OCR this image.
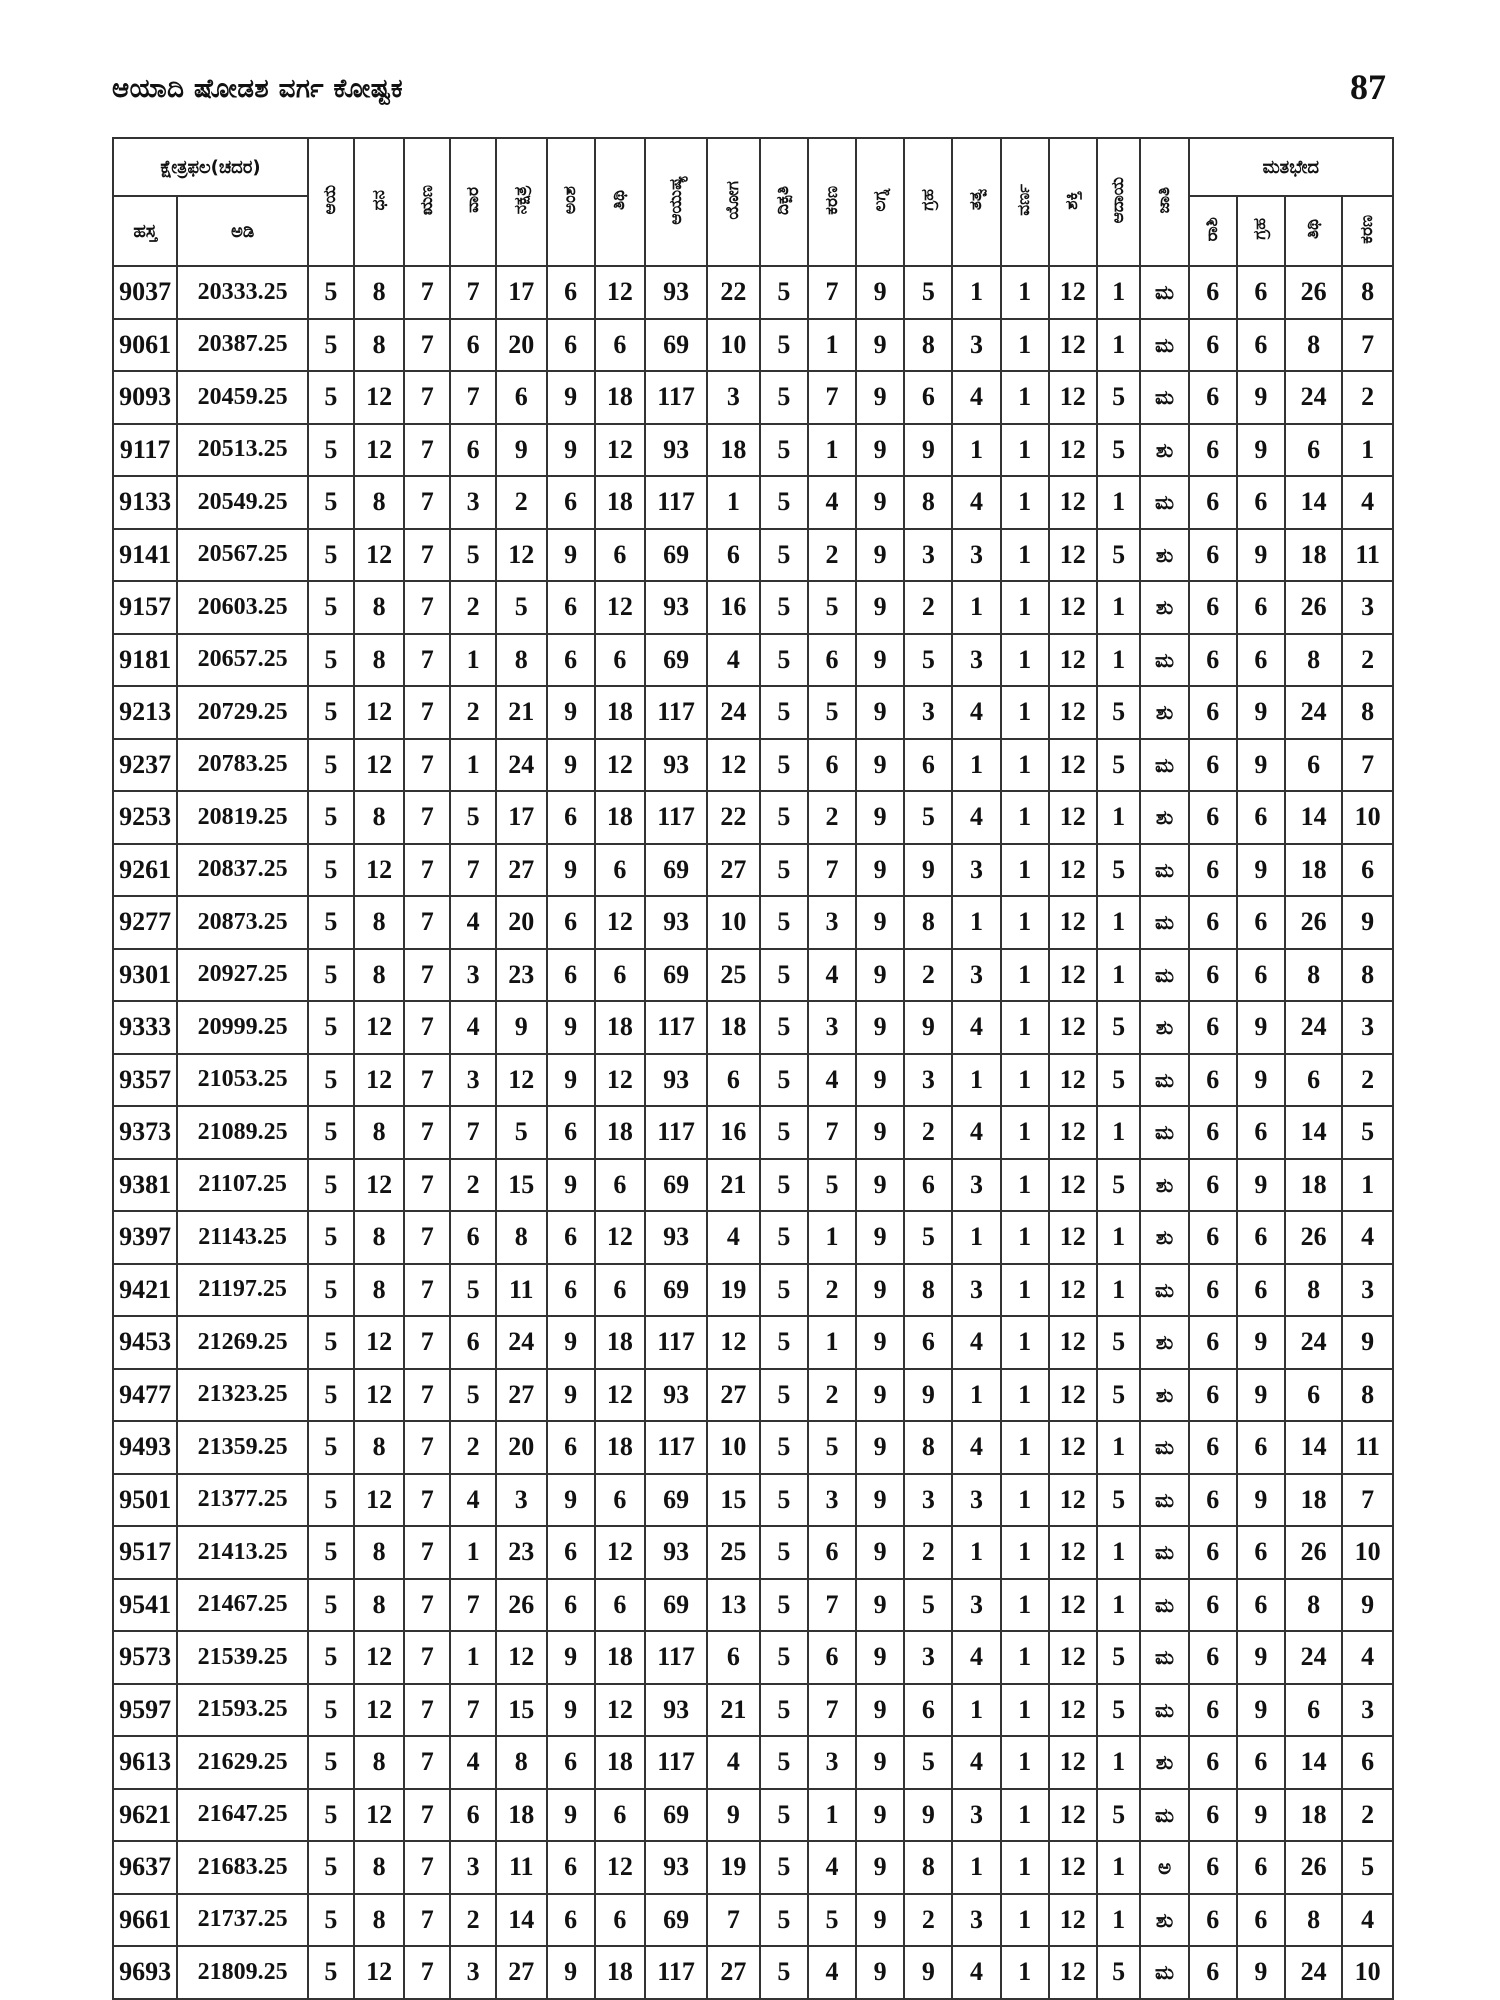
ಆಯಾದಿ ಷೋಡಶ ವರ್ಗ ಕೋಷ್ಟಕ	87
ಕ್ಷೇತ್ರಫಲ(ಚದರ)		ಆಯ	ಧನ	ಋಣ	ವಾರ	ನಕ್ಷತ್ರ	ಅಂಶ	ತಿಥಿ	ಆಯುಷ್ಯ	ಯೋಗ	ದಿಕ್ಪತಿ	ಕರಣ	ಲಗ್ನ	ಗ್ರಹ	ತತ್ವ	ವರ್ಣ	ಶಕ್ತಿ	ಆದಾಯ	ಜಾತಿ	ಮತಭೇದ			
ಹಸ್ತ	ಅಡಿ																			ರಾಶಿ	ಗ್ರಹ	ತಿಥಿ	ಕರಣ
9037	20333.25	5	8	7	7	17	6	12	93	22	5	7	9	5	1	1	12	1	ಮ	6	6	26	8
9061	20387.25	5	8	7	6	20	6	6	69	10	5	1	9	8	3	1	12	1	ಮ	6	6	8	7
9093	20459.25	5	12	7	7	6	9	18	117	3	5	7	9	6	4	1	12	5	ಮ	6	9	24	2
9117	20513.25	5	12	7	6	9	9	12	93	18	5	1	9	9	1	1	12	5	ಶು	6	9	6	1
9133	20549.25	5	8	7	3	2	6	18	117	1	5	4	9	8	4	1	12	1	ಮ	6	6	14	4
9141	20567.25	5	12	7	5	12	9	6	69	6	5	2	9	3	3	1	12	5	ಶು	6	9	18	11
9157	20603.25	5	8	7	2	5	6	12	93	16	5	5	9	2	1	1	12	1	ಶು	6	6	26	3
9181	20657.25	5	8	7	1	8	6	6	69	4	5	6	9	5	3	1	12	1	ಮ	6	6	8	2
9213	20729.25	5	12	7	2	21	9	18	117	24	5	5	9	3	4	1	12	5	ಶು	6	9	24	8
9237	20783.25	5	12	7	1	24	9	12	93	12	5	6	9	6	1	1	12	5	ಮ	6	9	6	7
9253	20819.25	5	8	7	5	17	6	18	117	22	5	2	9	5	4	1	12	1	ಶು	6	6	14	10
9261	20837.25	5	12	7	7	27	9	6	69	27	5	7	9	9	3	1	12	5	ಮ	6	9	18	6
9277	20873.25	5	8	7	4	20	6	12	93	10	5	3	9	8	1	1	12	1	ಮ	6	6	26	9
9301	20927.25	5	8	7	3	23	6	6	69	25	5	4	9	2	3	1	12	1	ಮ	6	6	8	8
9333	20999.25	5	12	7	4	9	9	18	117	18	5	3	9	9	4	1	12	5	ಶು	6	9	24	3
9357	21053.25	5	12	7	3	12	9	12	93	6	5	4	9	3	1	1	12	5	ಮ	6	9	6	2
9373	21089.25	5	8	7	7	5	6	18	117	16	5	7	9	2	4	1	12	1	ಮ	6	6	14	5
9381	21107.25	5	12	7	2	15	9	6	69	21	5	5	9	6	3	1	12	5	ಶು	6	9	18	1
9397	21143.25	5	8	7	6	8	6	12	93	4	5	1	9	5	1	1	12	1	ಶು	6	6	26	4
9421	21197.25	5	8	7	5	11	6	6	69	19	5	2	9	8	3	1	12	1	ಮ	6	6	8	3
9453	21269.25	5	12	7	6	24	9	18	117	12	5	1	9	6	4	1	12	5	ಶು	6	9	24	9
9477	21323.25	5	12	7	5	27	9	12	93	27	5	2	9	9	1	1	12	5	ಶು	6	9	6	8
9493	21359.25	5	8	7	2	20	6	18	117	10	5	5	9	8	4	1	12	1	ಮ	6	6	14	11
9501	21377.25	5	12	7	4	3	9	6	69	15	5	3	9	3	3	1	12	5	ಮ	6	9	18	7
9517	21413.25	5	8	7	1	23	6	12	93	25	5	6	9	2	1	1	12	1	ಮ	6	6	26	10
9541	21467.25	5	8	7	7	26	6	6	69	13	5	7	9	5	3	1	12	1	ಮ	6	6	8	9
9573	21539.25	5	12	7	1	12	9	18	117	6	5	6	9	3	4	1	12	5	ಮ	6	9	24	4
9597	21593.25	5	12	7	7	15	9	12	93	21	5	7	9	6	1	1	12	5	ಮ	6	9	6	3
9613	21629.25	5	8	7	4	8	6	18	117	4	5	3	9	5	4	1	12	1	ಶು	6	6	14	6
9621	21647.25	5	12	7	6	18	9	6	69	9	5	1	9	9	3	1	12	5	ಮ	6	9	18	2
9637	21683.25	5	8	7	3	11	6	12	93	19	5	4	9	8	1	1	12	1	ಅ	6	6	26	5
9661	21737.25	5	8	7	2	14	6	6	69	7	5	5	9	2	3	1	12	1	ಶು	6	6	8	4
9693	21809.25	5	12	7	3	27	9	18	117	27	5	4	9	9	4	1	12	5	ಮ	6	9	24	10
